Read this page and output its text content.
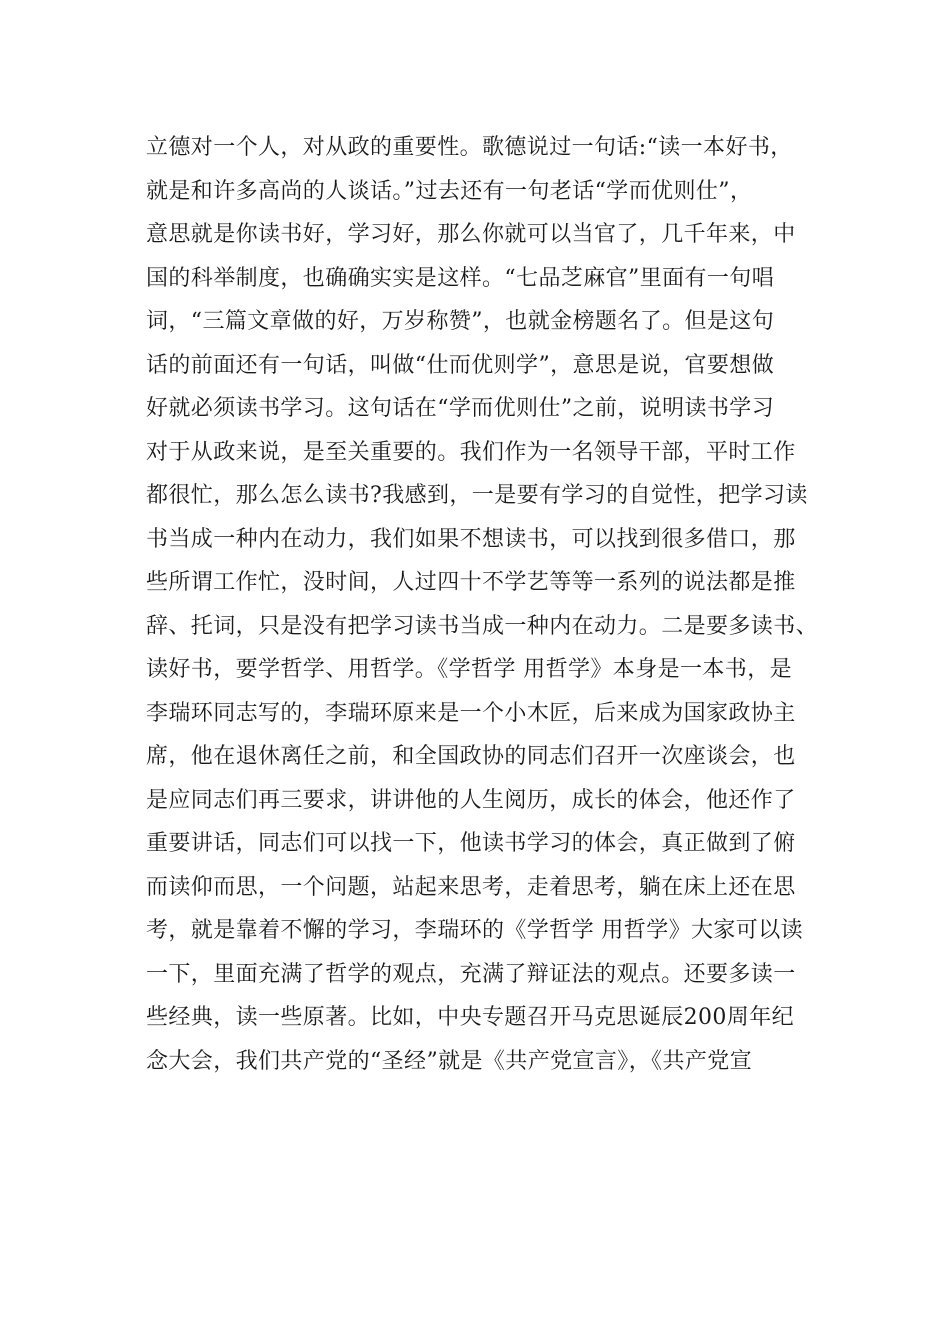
立德对一个人，对从政的重要性。歌德说过一句话:“读一本好书，
就是和许多高尚的人谈话。”过去还有一句老话“学而优则仕”，
意思就是你读书好，学习好，那么你就可以当官了，几千年来，中
国的科举制度，也确确实实是这样。“七品芝麻官”里面有一句唱
词，“三篇文章做的好，万岁称赞”，也就金榜题名了。但是这句
话的前面还有一句话，叫做“仕而优则学”，意思是说，官要想做
好就必须读书学习。这句话在“学而优则仕”之前，说明读书学习
对于从政来说，是至关重要的。我们作为一名领导干部，平时工作
都很忙，那么怎么读书?我感到，一是要有学习的自觉性，把学习读
书当成一种内在动力，我们如果不想读书，可以找到很多借口，那
些所谓工作忙，没时间，人过四十不学艺等等一系列的说法都是推
辞、托词，只是没有把学习读书当成一种内在动力。二是要多读书、
读好书，要学哲学、用哲学。《学哲学 用哲学》本身是一本书，是
李瑞环同志写的，李瑞环原来是一个小木匠，后来成为国家政协主
席，他在退休离任之前，和全国政协的同志们召开一次座谈会，也
是应同志们再三要求，讲讲他的人生阅历，成长的体会，他还作了
重要讲话，同志们可以找一下，他读书学习的体会，真正做到了俯
而读仰而思，一个问题，站起来思考，走着思考，躺在床上还在思
考，就是靠着不懈的学习，李瑞环的《学哲学 用哲学》大家可以读
一下，里面充满了哲学的观点，充满了辩证法的观点。还要多读一
些经典，读一些原著。比如，中央专题召开马克思诞辰200周年纪
念大会，我们共产党的“圣经”就是《共产党宣言》，《共产党宣
